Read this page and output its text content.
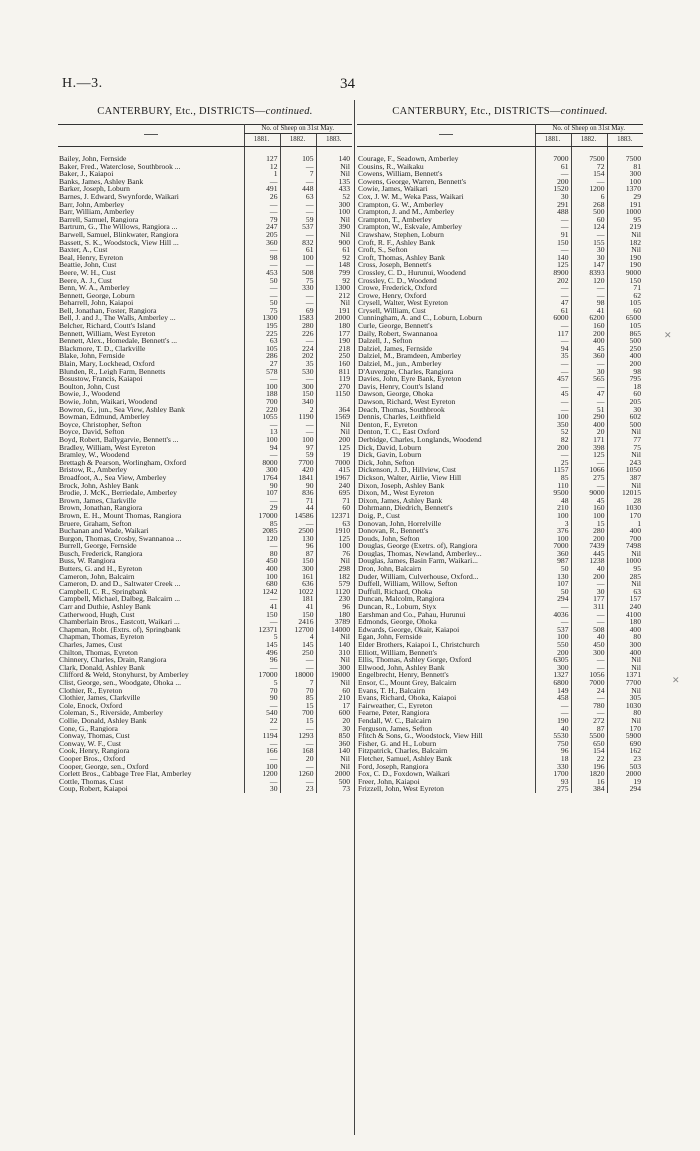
H.—3.	34
CANTERBURY, Etc., DISTRICTS—continued.
	No. of Sheep on 31st May.		
	1881.	1882.	1883.
Bailey, John, Fernside	127	105	140
Baker, Fred., Waterclose, Southbrook ...	12	—	Nil
Baker, J., Kaiapoi	1	7	Nil
Banks, James, Ashley Bank	—	—	135
Barker, Joseph, Loburn	491	448	433
Barnes, J. Edward, Swynforde, Waikari	26	63	52
Barr, John, Amberley	—	—	300
Barr, William, Amberley	—	—	100
Barrell, Samuel, Rangiora	79	59	Nil
Bartrum, G., The Willows, Rangiora ...	247	537	390
Barwell, Samuel, Blinkwater, Rangiora	205	—	Nil
Bassett, S. K., Woodstock, View Hill ...	360	832	900
Baxter, A., Cust	—	61	61
Beal, Henry, Eyreton	98	100	92
Beattie, John, Cust	—	—	148
Beere, W. H., Cust	453	508	799
Beere, A. J., Cust	50	75	92
Benn, W. A., Amberley	—	330	1300
Bennett, George, Loburn	—	—	212
Beharrell, John, Kaiapoi	50	—	Nil
Bell, Jonathan, Foster, Rangiora	75	69	191
Bell, J. and J., The Walls, Amberley ...	1300	1583	2000
Belcher, Richard, Coutt's Island	195	280	180
Bennett, William, West Eyreton	225	226	177
Bennett, Alex., Homedale, Bennett's ...	63	—	190
Blackmore, T. D., Clarkville	105	224	218
Blake, John, Fernside	286	202	250
Blain, Mary, Lockhead, Oxford	27	35	160
Blunden, R., Leigh Farm, Bennetts	578	530	811
Bosustow, Francis, Kaiapoi	—	—	119
Boulton, John, Cust	100	300	270
Bowie, J., Woodend	188	150	1150
Bowie, John, Waikari, Woodend	700	340	
Bowron, G., jun., Sea View, Ashley Bank	220	2	364
Bowman, Edmund, Amberley	1055	1190	1569
Boyce, Christopher, Sefton	—	—	Nil
Boyce, David, Sefton	13	—	Nil
Boyd, Robert, Ballygarvie, Bennett's ...	100	100	200
Bradley, William, West Eyreton	94	97	125
Bramley, W., Woodend	—	59	19
Brettagh & Pearson, Worlingham, Oxford	8000	7700	7000
Bristow, R., Amberley	300	420	415
Broadfoot, A., Sea View, Amberley	1764	1841	1967
Brock, John, Ashley Bank	90	90	240
Brodie, J. McK., Berriedale, Amberley	107	836	695
Brown, James, Clarkville	—	71	71
Brown, Jonathan, Rangiora	29	44	60
Brown, E. H., Mount Thomas, Rangiora	17000	14586	12371
Bruere, Graham, Sefton	85	—	63
Buchanan and Wade, Waikari	2085	2500	1910
Burgon, Thomas, Crosby, Swannanoa ...	120	130	125
Burrell, George, Fernside	—	96	100
Busch, Frederick, Rangiora	80	87	76
Buss, W. Rangiora	450	150	Nil
Butters, G. and H., Eyreton	400	300	298
Cameron, John, Balcairn	100	161	182
Cameron, D. and D., Saltwater Creek ...	680	636	579
Campbell, C. R., Springbank	1242	1022	1120
Campbell, Michael, Dalbeg, Balcairn ...	—	181	230
Carr and Duthie, Ashley Bank	41	41	96
Catherwood, Hugh, Cust	150	150	180
Chamberlain Bros., Eastcott, Waikari ...	—	2416	3789
Chapman, Robt. (Extrs. of), Springbank	12371	12700	14000
Chapman, Thomas, Eyreton	5	4	Nil
Charles, James, Cust	145	145	140
Chilton, Thomas, Eyreton	496	250	310
Chinnery, Charles, Drain, Rangiora	96	—	Nil
Clark, Donald, Ashley Bank	—	—	300
Clifford & Weld, Stonyhurst, by Amberley	17000	18000	19000
Clist, George, sen., Woodgate, Ohoka ...	5	7	Nil
Clothier, R., Eyreton	70	70	60
Clothier, James, Clarkville	90	85	210
Cole, Enock, Oxford	—	15	17
Coleman, S., Riverside, Amberley	540	700	600
Collie, Donald, Ashley Bank	22	15	20
Cone, G., Rangiora	—	—	30
Conway, Thomas, Cust	1194	1293	850
Conway, W. F., Cust	—	—	360
Cook, Henry, Rangiora	166	168	140
Cooper Bros., Oxford	—	20	Nil
Cooper, George, sen., Oxford	100	—	Nil
Corlett Bros., Cabbage Tree Flat, Amberley	1200	1260	2000
Cottle, Thomas, Cust	—	—	500
Coup, Robert, Kaiapoi	30	23	73
CANTERBURY, Etc., DISTRICTS—continued.
	No. of Sheep on 31st May.		
	1881.	1882.	1883.
Courage, F., Seadown, Amberley	7000	7500	7500
Cousins, R., Waikaku	61	72	81
Cowens, William, Bennett's	—	154	300
Cowens, George, Warren, Bennett's	200	—	100
Cowie, James, Waikari	1520	1200	1370
Cox, J. W. M., Weka Pass, Waikari	30	6	29
Crampton, G. W., Amberley	291	268	191
Crampton, J. and M., Amberley	488	500	1000
Crampton, T., Amberley	—	60	95
Crampton, W., Eskvale, Amberley	—	124	219
Crawshaw, Stephen, Loburn	91	—	Nil
Croft, R. F., Ashley Bank	150	155	182
Croft, S., Sefton	—	30	Nil
Croft, Thomas, Ashley Bank	140	30	190
Cross, Joseph, Bennett's	125	147	190
Crossley, C. D., Hurunui, Woodend	8900	8393	9000
Crossley, C. D., Woodend	202	120	150
Crowe, Frederick, Oxford	—	—	71
Crowe, Henry, Oxford	—	—	62
Crysell, Walter, West Eyreton	47	98	105
Crysell, William, Cust	61	41	60
Cunningham, A. and C., Loburn, Loburn	6000	6200	6500
Curle, George, Bennett's	—	160	105
Daily, Robert, Swannanoa	117	200	865
Dalzell, J., Sefton	—	400	500
Dalziel, James, Fernside	94	45	250
Dalziel, M., Bramdeen, Amberley	35	360	400
Dalziel, M., jun., Amberley	—	—	200
D'Auvergne, Charles, Rangiora	—	30	98
Davies, John, Eyre Bank, Eyreton	457	565	795
Davis, Henry, Coutt's Island	—	—	18
Dawson, George, Ohoka	45	47	60
Dawson, Richard, West Eyreton	—	—	205
Deach, Thomas, Southbrook	—	51	30
Dennis, Charles, Leithfield	100	290	602
Denton, F., Eyreton	350	400	500
Denton, T. C., East Oxford	52	20	Nil
Derbidge, Charles, Longlands, Woodend	82	171	77
Dick, David, Loburn	200	398	75
Dick, Gavin, Loburn	—	125	Nil
Dick, John, Sefton	25	—	243
Dickenson, J. D., Hillview, Cust	1157	1066	1050
Dickson, Walter, Airlie, View Hill	85	275	387
Dixon, Joseph, Ashley Bank	110	—	Nil
Dixon, M., West Eyreton	9500	9000	12015
Dixon, James, Ashley Bank	48	45	28
Dohrmann, Diedrich, Bennett's	210	160	1030
Doig, P., Cust	100	100	170
Donovan, John, Horrelville	3	15	1
Donovan, R., Bennett's	376	280	400
Douds, John, Sefton	100	200	700
Douglas, George (Exetrs. of), Rangiora	7000	7439	7498
Douglas, Thomas, Newland, Amberley...	360	445	Nil
Douglas, James, Basin Farm, Waikari...	987	1238	1000
Dron, John, Balcairn	50	40	95
Duder, William, Culverhouse, Oxford...	130	200	285
Duffell, William, Willow, Sefton	107	—	Nil
Duffull, Richard, Ohoka	50	30	63
Duncan, Malcolm, Rangiora	294	177	157
Duncan, R., Loburn, Styx	—	311	240
Earshman and Co., Pahau, Hurunui	4036	—	4100
Edmonds, George, Ohoka	—	—	180
Edwards, George, Okair, Kaiapoi	537	508	400
Egan, John, Fernside	100	40	80
Elder Brothers, Kaiapoi I., Christchurch	550	450	300
Elliott, William, Bennett's	200	300	400
Ellis, Thomas, Ashley Gorge, Oxford	6305	—	Nil
Ellwood, John, Ashley Bank	300	—	Nil
Engelbrecht, Henry, Bennett's	1327	1056	1371
Ensor, C., Mount Grey, Balcairn	6800	7000	7700
Evans, T. H., Balcairn	149	24	Nil
Evans, Richard, Ohoka, Kaiapoi	458	—	305
Fairweather, C., Eyreton	—	780	1030
Fearne, Peter, Rangiora	—	—	80
Fendall, W. C., Balcairn	190	272	Nil
Ferguson, James, Sefton	40	87	170
Ffitch & Sons, G., Woodstock, View Hill	5530	5500	5900
Fisher, G. and H., Loburn	750	650	690
Fitzpatrick, Charles, Balcairn	96	154	162
Fletcher, Samuel, Ashley Bank	18	22	23
Ford, Joseph, Rangiora	330	196	503
Fox, C. D., Foxdown, Waikari	1700	1820	2000
Freer, John, Kaiapoi	93	16	19
Frizzell, John, West Eyreton	275	384	294
✕
✕
